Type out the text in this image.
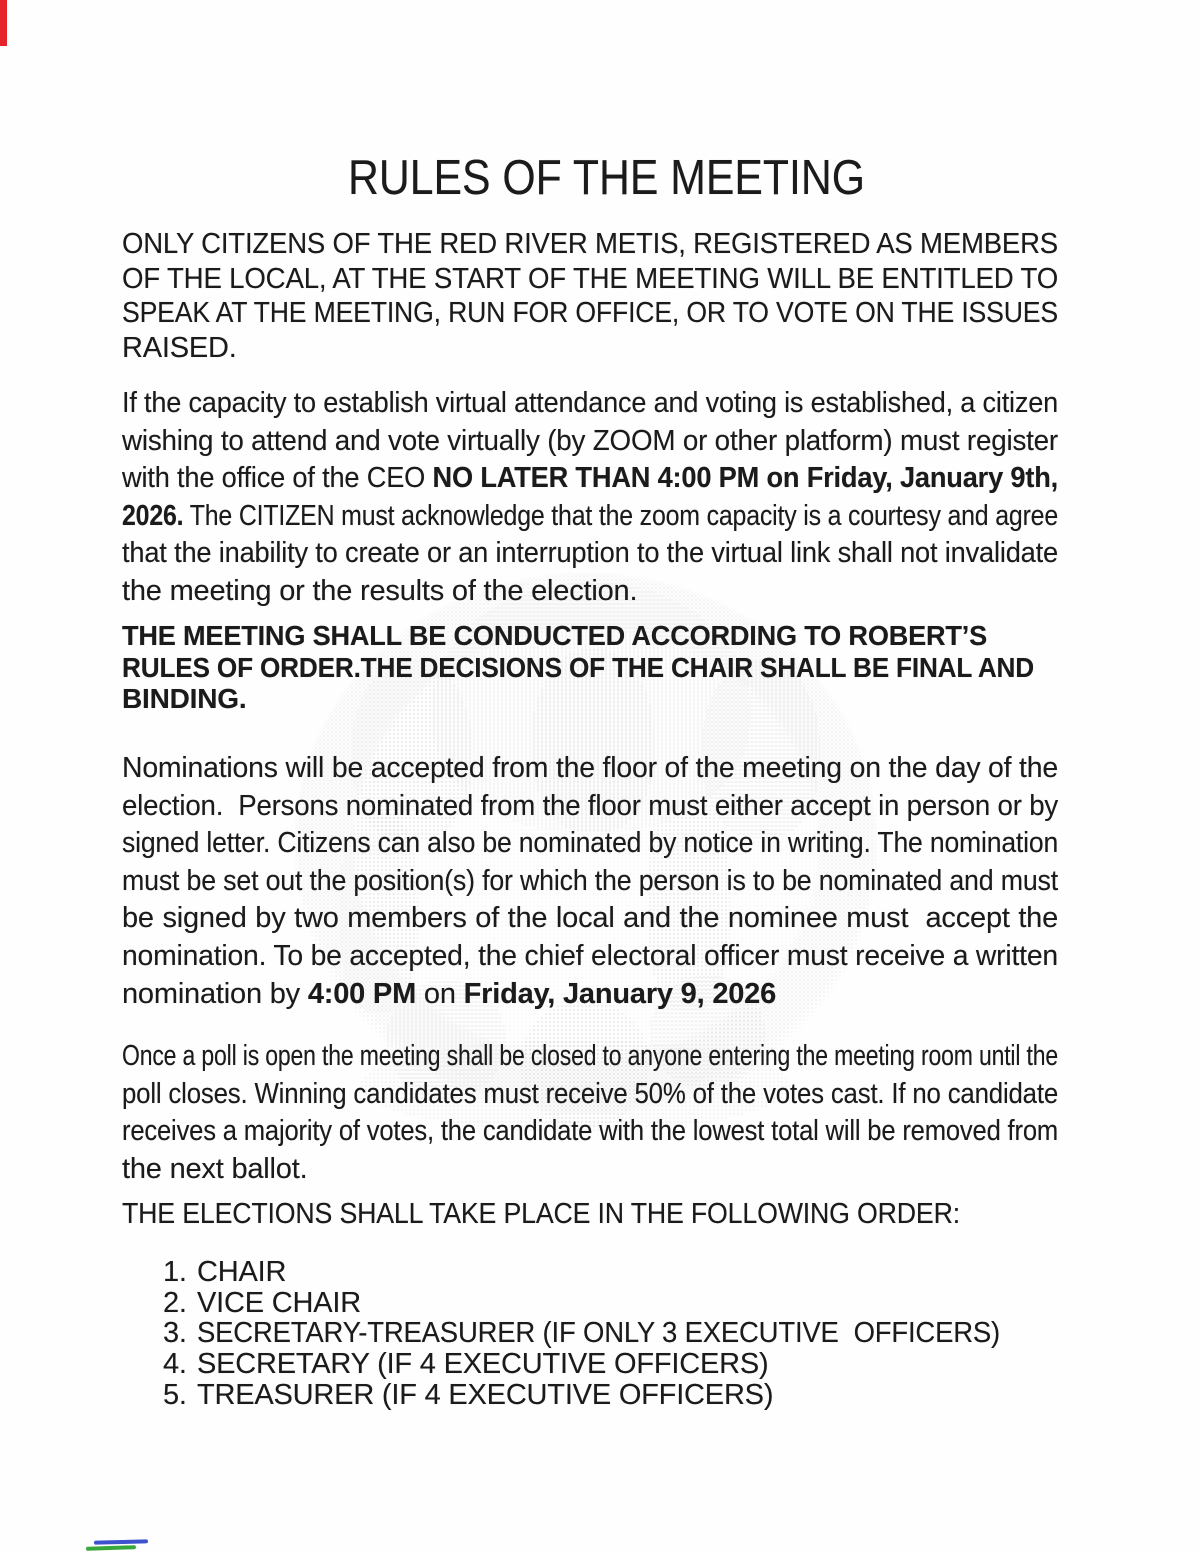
RULES OF THE MEETING
ONLY CITIZENS OF THE RED RIVER METIS, REGISTERED AS MEMBERS
OF THE LOCAL, AT THE START OF THE MEETING WILL BE ENTITLED TO
SPEAK AT THE MEETING, RUN FOR OFFICE, OR TO VOTE ON THE ISSUES
RAISED.
If the capacity to establish virtual attendance and voting is established, a citizen
wishing to attend and vote virtually (by ZOOM or other platform) must register
with the office of the CEO NO LATER THAN 4:00 PM on Friday, January 9th,
2026. The CITIZEN must acknowledge that the zoom capacity is a courtesy and agree
that the inability to create or an interruption to the virtual link shall not invalidate
the meeting or the results of the election.
THE MEETING SHALL BE CONDUCTED ACCORDING TO ROBERT’S
RULES OF ORDER.THE DECISIONS OF THE CHAIR SHALL BE FINAL AND
BINDING.
Nominations will be accepted from the floor of the meeting on the day of the
election.  Persons nominated from the floor must either accept in person or by
signed letter. Citizens can also be nominated by notice in writing. The nomination
must be set out the position(s) for which the person is to be nominated and must
be signed by two members of the local and the nominee must  accept the
nomination. To be accepted, the chief electoral officer must receive a written
nomination by 4:00 PM on Friday, January 9, 2026
Once a poll is open the meeting shall be closed to anyone entering the meeting room until the
poll closes. Winning candidates must receive 50% of the votes cast. If no candidate
receives a majority of votes, the candidate with the lowest total will be removed from
the next ballot.
THE ELECTIONS SHALL TAKE PLACE IN THE FOLLOWING ORDER:
1. CHAIR
2. VICE CHAIR
3. SECRETARY-TREASURER (IF ONLY 3 EXECUTIVE  OFFICERS)
4. SECRETARY (IF 4 EXECUTIVE OFFICERS)
5. TREASURER (IF 4 EXECUTIVE OFFICERS)
